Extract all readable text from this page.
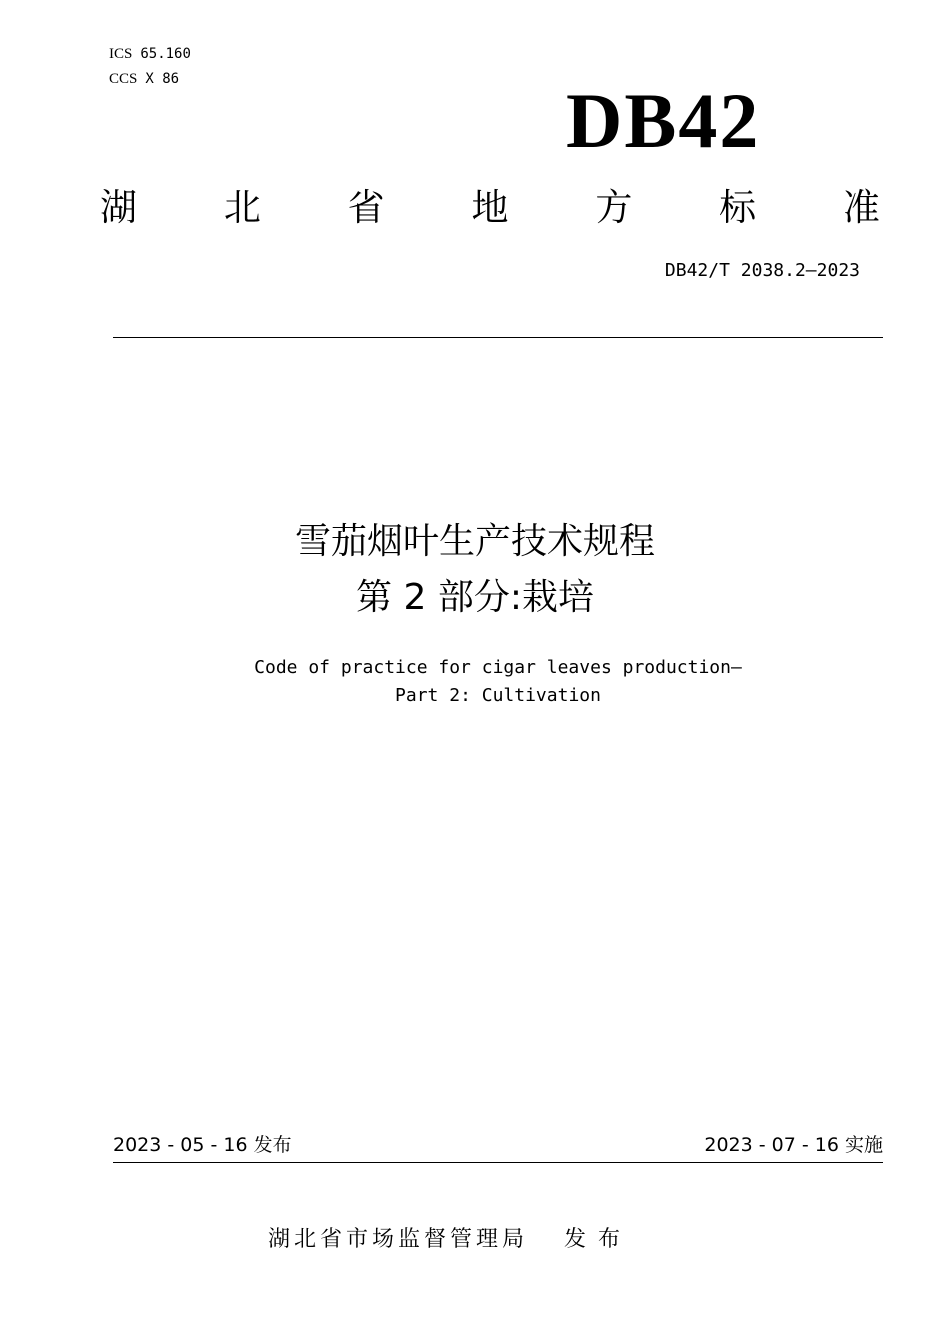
ICS 65.160
CCS X 86	DB42
湖 北 省 地 方 标 准
DB42/T 2038.2—2023
雪茄烟叶生产技术规程
第 2 部分:栽培
Code of practice for cigar leaves production—
Part 2: Cultivation
2023 - 05 - 16 发布	2023 - 07 - 16 实施
湖北省市场监督管理局 发布
